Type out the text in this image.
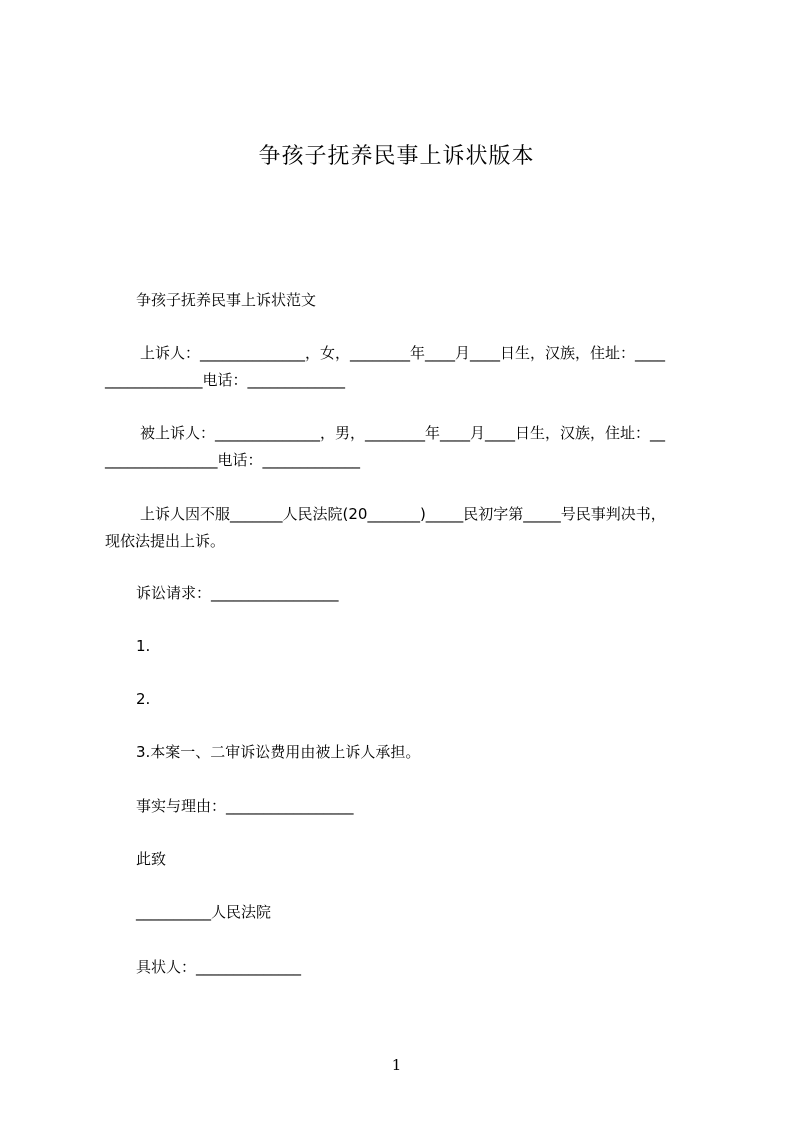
争孩子抚养民事上诉状版本
争孩子抚养民事上诉状范文
上诉人：______________，女，________年____月____日生，汉族，住址：____
_____________电话：_____________
被上诉人：______________，男，________年____月____日生，汉族，住址：__
_______________电话：_____________
上诉人因不服_______人民法院(20_______)_____民初字第_____号民事判决书，
现依法提出上诉。
诉讼请求：_________________
1.
2.
3.本案一、二审诉讼费用由被上诉人承担。
事实与理由：_________________
此致
__________人民法院
具状人：______________
1
